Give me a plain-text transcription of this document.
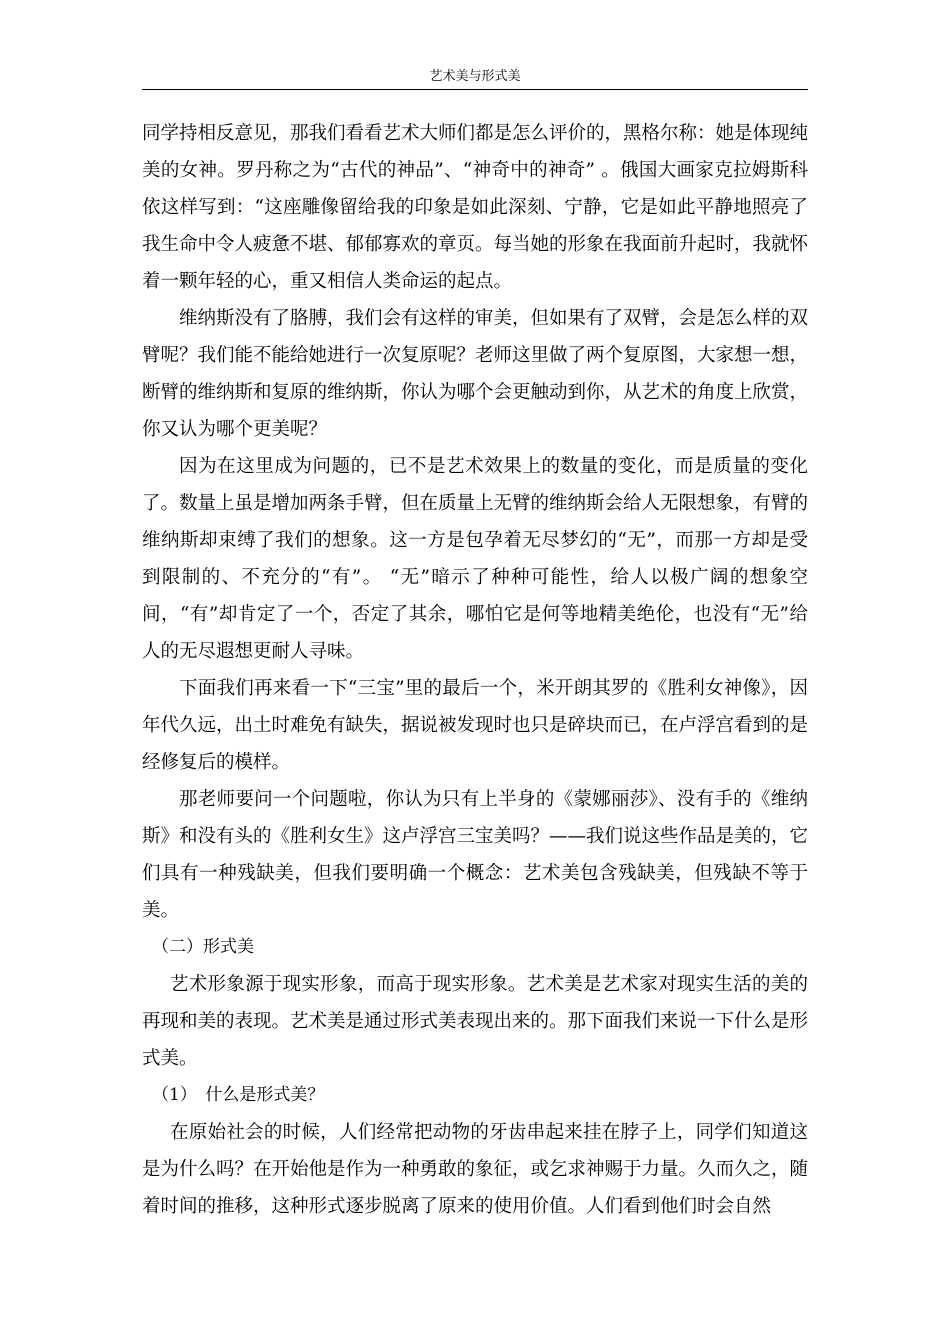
艺术美与形式美

同学持相反意见，那我们看看艺术大师们都是怎么评价的，黑格尔称：她是体现纯美的女神。罗丹称之为“古代的神品”、“神奇中的神奇” 。俄国大画家克拉姆斯科依这样写到：“这座雕像留给我的印象是如此深刻、宁静，它是如此平静地照亮了我生命中令人疲惫不堪、郁郁寡欢的章页。每当她的形象在我面前升起时，我就怀着一颗年轻的心，重又相信人类命运的起点。

维纳斯没有了胳膊，我们会有这样的审美，但如果有了双臂，会是怎么样的双臂呢？我们能不能给她进行一次复原呢？老师这里做了两个复原图，大家想一想，断臂的维纳斯和复原的维纳斯，你认为哪个会更触动到你，从艺术的角度上欣赏，你又认为哪个更美呢？

因为在这里成为问题的，已不是艺术效果上的数量的变化，而是质量的变化了。数量上虽是增加两条手臂，但在质量上无臂的维纳斯会给人无限想象，有臂的维纳斯却束缚了我们的想象。这一方是包孕着无尽梦幻的“无”，而那一方却是受到限制的、不充分的“有”。 “无”暗示了种种可能性，给人以极广阔的想象空间，“有”却肯定了一个，否定了其余，哪怕它是何等地精美绝伦，也没有“无”给人的无尽遐想更耐人寻味。

下面我们再来看一下“三宝”里的最后一个，米开朗其罗的《胜利女神像》，因年代久远，出土时难免有缺失，据说被发现时也只是碎块而已，在卢浮宫看到的是经修复后的模样。

那老师要问一个问题啦，你认为只有上半身的《蒙娜丽莎》、没有手的《维纳斯》和没有头的《胜利女生》这卢浮宫三宝美吗？——我们说这些作品是美的，它们具有一种残缺美，但我们要明确一个概念：艺术美包含残缺美，但残缺不等于美。

（二）形式美

艺术形象源于现实形象，而高于现实形象。艺术美是艺术家对现实生活的美的再现和美的表现。艺术美是通过形式美表现出来的。那下面我们来说一下什么是形式美。

（1）　什么是形式美？

在原始社会的时候，人们经常把动物的牙齿串起来挂在脖子上，同学们知道这是为什么吗？在开始他是作为一种勇敢的象征，或乞求神赐于力量。久而久之，随着时间的推移，这种形式逐步脱离了原来的使用价值。人们看到他们时会自然
